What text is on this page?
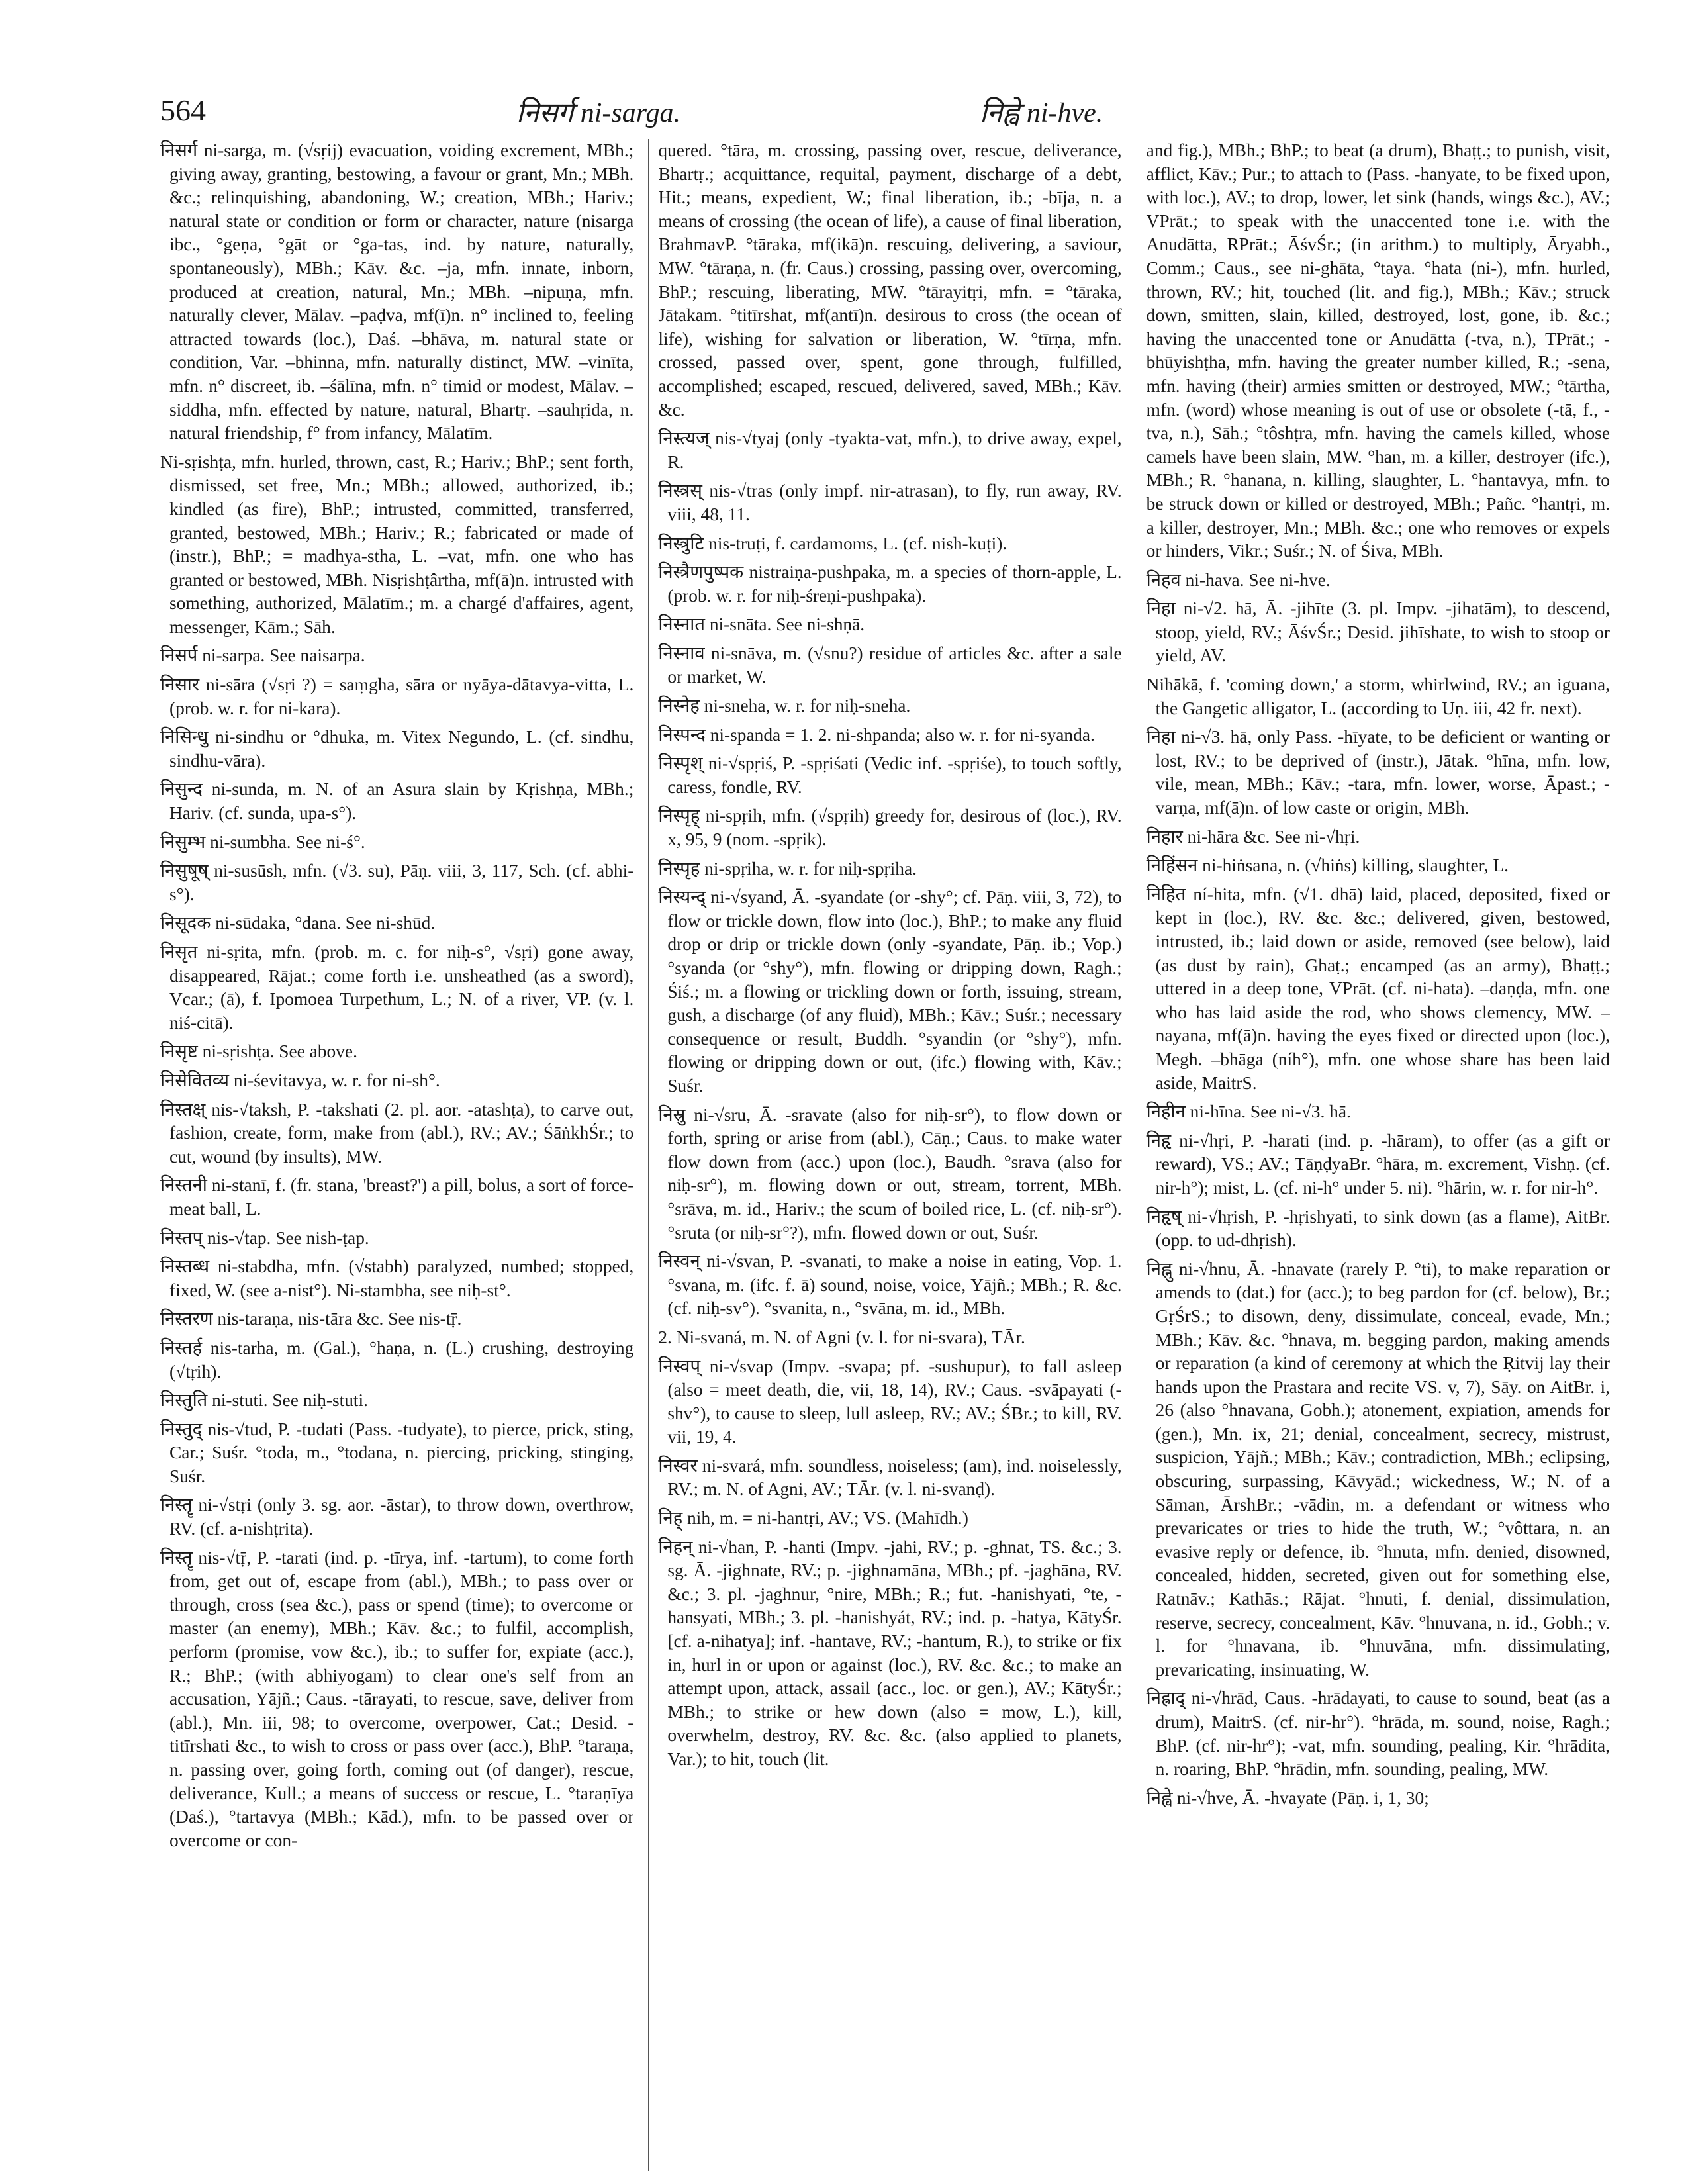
564	निसर्ग ni-sarga.	निह्वे ni-hve.

निसर्ग ni-sarga, m. (√sṛij) evacuation, voiding excrement, MBh.; giving away, granting, bestowing, a favour or grant, Mn.; MBh. &c.; relinquishing, abandoning, W.; creation, MBh.; Hariv.; natural state or condition or form or character, nature (nisarga ibc., °geṇa, °gāt or °ga-tas, ind. by nature, naturally, spontaneously), MBh.; Kāv. &c. –ja, mfn. innate, inborn, produced at creation, natural, Mn.; MBh. –nipuṇa, mfn. naturally clever, Mālav. –paḍva, mf(ī)n. n° inclined to, feeling attracted towards (loc.), Daś. –bhāva, m. natural state or condition, Var. –bhinna, mfn. naturally distinct, MW. –vinīta, mfn. n° discreet, ib. –śālīna, mfn. n° timid or modest, Mālav. –siddha, mfn. effected by nature, natural, Bhartṛ. –sauhṛida, n. natural friendship, f° from infancy, Mālatīm.

Ni-sṛishṭa, mfn. hurled, thrown, cast, R.; Hariv.; BhP.; sent forth, dismissed, set free, Mn.; MBh.; allowed, authorized, ib.; kindled (as fire), BhP.; intrusted, committed, transferred, granted, bestowed, MBh.; Hariv.; R.; fabricated or made of (instr.), BhP.; = madhya-stha, L. –vat, mfn. one who has granted or bestowed, MBh. Nisṛishṭârtha, mf(ā)n. intrusted with something, authorized, Mālatīm.; m. a chargé d'affaires, agent, messenger, Kām.; Sāh.

निसर्प ni-sarpa. See naisarpa.

निसार ni-sāra (√sṛi ?) = saṃgha, sāra or nyāya-dātavya-vitta, L. (prob. w. r. for ni-kara).

निसिन्धु ni-sindhu or °dhuka, m. Vitex Negundo, L. (cf. sindhu, sindhu-vāra).

निसुन्द ni-sunda, m. N. of an Asura slain by Kṛishṇa, MBh.; Hariv. (cf. sunda, upa-s°).

निसुम्भ ni-sumbha. See ni-ś°.

निसुषूष् ni-susūsh, mfn. (√3. su), Pāṇ. viii, 3, 117, Sch. (cf. abhi-s°).

निसूदक ni-sūdaka, °dana. See ni-shūd.

निसृत ni-sṛita, mfn. (prob. m. c. for niḥ-s°, √sṛi) gone away, disappeared, Rājat.; come forth i.e. unsheathed (as a sword), Vcar.; (ā), f. Ipomoea Turpethum, L.; N. of a river, VP. (v. l. niś-citā).

निसृष्ट ni-sṛishṭa. See above.

निसेवितव्य ni-śevitavya, w. r. for ni-sh°.

निस्तक्ष् nis-√taksh, P. -takshati (2. pl. aor. -atashṭa), to carve out, fashion, create, form, make from (abl.), RV.; AV.; ŚāṅkhŚr.; to cut, wound (by insults), MW.

निस्तनी ni-stanī, f. (fr. stana, 'breast?') a pill, bolus, a sort of force-meat ball, L.

निस्तप् nis-√tap. See nish-ṭap.

निस्तब्ध ni-stabdha, mfn. (√stabh) paralyzed, numbed; stopped, fixed, W. (see a-nist°). Ni-stambha, see niḥ-st°.

निस्तरण nis-taraṇa, nis-tāra &c. See nis-tṝ.

निस्तर्ह nis-tarha, m. (Gal.), °haṇa, n. (L.) crushing, destroying (√tṛih).

निस्तुति ni-stuti. See niḥ-stuti.

निस्तुद् nis-√tud, P. -tudati (Pass. -tudyate), to pierce, prick, sting, Car.; Suśr. °toda, m., °todana, n. piercing, pricking, stinging, Suśr.

निस्तॄ ni-√stṛi (only 3. sg. aor. -āstar), to throw down, overthrow, RV. (cf. a-nishṭrita).

निस्तॄ nis-√tṝ, P. -tarati (ind. p. -tīrya, inf. -tartum), to come forth from, get out of, escape from (abl.), MBh.; to pass over or through, cross (sea &c.), pass or spend (time); to overcome or master (an enemy), MBh.; Kāv. &c.; to fulfil, accomplish, perform (promise, vow &c.), ib.; to suffer for, expiate (acc.), R.; BhP.; (with abhiyogam) to clear one's self from an accusation, Yājñ.; Caus. -tārayati, to rescue, save, deliver from (abl.), Mn. iii, 98; to overcome, overpower, Cat.; Desid. -titīrshati &c., to wish to cross or pass over (acc.), BhP. °taraṇa, n. passing over, going forth, coming out (of danger), rescue, deliverance, Kull.; a means of success or rescue, L. °taraṇīya (Daś.), °tartavya (MBh.; Kād.), mfn. to be passed over or overcome or con-

quered. °tāra, m. crossing, passing over, rescue, deliverance, Bhartṛ.; acquittance, requital, payment, discharge of a debt, Hit.; means, expedient, W.; final liberation, ib.; -bīja, n. a means of crossing (the ocean of life), a cause of final liberation, BrahmavP. °tāraka, mf(ikā)n. rescuing, delivering, a saviour, MW. °tāraṇa, n. (fr. Caus.) crossing, passing over, overcoming, BhP.; rescuing, liberating, MW. °tārayitṛi, mfn. = °tāraka, Jātakam. °titīrshat, mf(antī)n. desirous to cross (the ocean of life), wishing for salvation or liberation, W. °tīrṇa, mfn. crossed, passed over, spent, gone through, fulfilled, accomplished; escaped, rescued, delivered, saved, MBh.; Kāv. &c.

निस्त्यज् nis-√tyaj (only -tyakta-vat, mfn.), to drive away, expel, R.

निस्त्रस् nis-√tras (only impf. nir-atrasan), to fly, run away, RV. viii, 48, 11.

निस्त्रुटि nis-truṭi, f. cardamoms, L. (cf. nish-kuṭi).

निस्त्रैणपुष्पक nistraiṇa-pushpaka, m. a species of thorn-apple, L. (prob. w. r. for niḥ-śreṇi-pushpaka).

निस्नात ni-snāta. See ni-shṇā.

निस्नाव ni-snāva, m. (√snu?) residue of articles &c. after a sale or market, W.

निस्नेह ni-sneha, w. r. for niḥ-sneha.

निस्पन्द ni-spanda = 1. 2. ni-shpanda; also w. r. for ni-syanda.

निस्पृश् ni-√spṛiś, P. -spṛiśati (Vedic inf. -spṛiśe), to touch softly, caress, fondle, RV.

निस्पृह् ni-spṛih, mfn. (√spṛih) greedy for, desirous of (loc.), RV. x, 95, 9 (nom. -spṛik).

निस्पृह ni-spṛiha, w. r. for niḥ-spṛiha.

निस्यन्द् ni-√syand, Ā. -syandate (or -shy°; cf. Pāṇ. viii, 3, 72), to flow or trickle down, flow into (loc.), BhP.; to make any fluid drop or drip or trickle down (only -syandate, Pāṇ. ib.; Vop.) °syanda (or °shy°), mfn. flowing or dripping down, Ragh.; Śiś.; m. a flowing or trickling down or forth, issuing, stream, gush, a discharge (of any fluid), MBh.; Kāv.; Suśr.; necessary consequence or result, Buddh. °syandin (or °shy°), mfn. flowing or dripping down or out, (ifc.) flowing with, Kāv.; Suśr.

निस्रु ni-√sru, Ā. -sravate (also for niḥ-sr°), to flow down or forth, spring or arise from (abl.), Cāṇ.; Caus. to make water flow down from (acc.) upon (loc.), Baudh. °srava (also for niḥ-sr°), m. flowing down or out, stream, torrent, MBh. °srāva, m. id., Hariv.; the scum of boiled rice, L. (cf. niḥ-sr°). °sruta (or niḥ-sr°?), mfn. flowed down or out, Suśr.

निस्वन् ni-√svan, P. -svanati, to make a noise in eating, Vop. 1. °svana, m. (ifc. f. ā) sound, noise, voice, Yājñ.; MBh.; R. &c. (cf. niḥ-sv°). °svanita, n., °svāna, m. id., MBh.

2. Ni-svaná, m. N. of Agni (v. l. for ni-svara), TĀr.

निस्वप् ni-√svap (Impv. -svapa; pf. -sushupur), to fall asleep (also = meet death, die, vii, 18, 14), RV.; Caus. -svāpayati (-shv°), to cause to sleep, lull asleep, RV.; AV.; ŚBr.; to kill, RV. vii, 19, 4.

निस्वर ni-svará, mfn. soundless, noiseless; (am), ind. noiselessly, RV.; m. N. of Agni, AV.; TĀr. (v. l. ni-svanḍ).

निह् nih, m. = ni-hantṛi, AV.; VS. (Mahīdh.)

निहन् ni-√han, P. -hanti (Impv. -jahi, RV.; p. -ghnat, TS. &c.; 3. sg. Ā. -jighnate, RV.; p. -jighnamāna, MBh.; pf. -jaghāna, RV. &c.; 3. pl. -jaghnur, °nire, MBh.; R.; fut. -hanishyati, °te, -hansyati, MBh.; 3. pl. -hanishyát, RV.; ind. p. -hatya, KātyŚr. [cf. a-nihatya]; inf. -hantave, RV.; -hantum, R.), to strike or fix in, hurl in or upon or against (loc.), RV. &c. &c.; to make an attempt upon, attack, assail (acc., loc. or gen.), AV.; KātyŚr.; MBh.; to strike or hew down (also = mow, L.), kill, overwhelm, destroy, RV. &c. &c. (also applied to planets, Var.); to hit, touch (lit.

and fig.), MBh.; BhP.; to beat (a drum), Bhaṭṭ.; to punish, visit, afflict, Kāv.; Pur.; to attach to (Pass. -hanyate, to be fixed upon, with loc.), AV.; to drop, lower, let sink (hands, wings &c.), AV.; VPrāt.; to speak with the unaccented tone i.e. with the Anudātta, RPrāt.; ĀśvŚr.; (in arithm.) to multiply, Āryabh., Comm.; Caus., see ni-ghāta, °taya. °hata (ni-), mfn. hurled, thrown, RV.; hit, touched (lit. and fig.), MBh.; Kāv.; struck down, smitten, slain, killed, destroyed, lost, gone, ib. &c.; having the unaccented tone or Anudātta (-tva, n.), TPrāt.; -bhūyishṭha, mfn. having the greater number killed, R.; -sena, mfn. having (their) armies smitten or destroyed, MW.; °tārtha, mfn. (word) whose meaning is out of use or obsolete (-tā, f., -tva, n.), Sāh.; °tôshṭra, mfn. having the camels killed, whose camels have been slain, MW. °han, m. a killer, destroyer (ifc.), MBh.; R. °hanana, n. killing, slaughter, L. °hantavya, mfn. to be struck down or killed or destroyed, MBh.; Pañc. °hantṛi, m. a killer, destroyer, Mn.; MBh. &c.; one who removes or expels or hinders, Vikr.; Suśr.; N. of Śiva, MBh.

निहव ni-hava. See ni-hve.

निहा ni-√2. hā, Ā. -jihīte (3. pl. Impv. -jihatām), to descend, stoop, yield, RV.; ĀśvŚr.; Desid. jihīshate, to wish to stoop or yield, AV.

Nihākā, f. 'coming down,' a storm, whirlwind, RV.; an iguana, the Gangetic alligator, L. (according to Uṇ. iii, 42 fr. next).

निहा ni-√3. hā, only Pass. -hīyate, to be deficient or wanting or lost, RV.; to be deprived of (instr.), Jātak. °hīna, mfn. low, vile, mean, MBh.; Kāv.; -tara, mfn. lower, worse, Āpast.; -varṇa, mf(ā)n. of low caste or origin, MBh.

निहार ni-hāra &c. See ni-√hṛi.

निहिंसन ni-hiṅsana, n. (√hiṅs) killing, slaughter, L.

निहित ní-hita, mfn. (√1. dhā) laid, placed, deposited, fixed or kept in (loc.), RV. &c. &c.; delivered, given, bestowed, intrusted, ib.; laid down or aside, removed (see below), laid (as dust by rain), Ghaṭ.; encamped (as an army), Bhaṭṭ.; uttered in a deep tone, VPrāt. (cf. ni-hata). –daṇḍa, mfn. one who has laid aside the rod, who shows clemency, MW. –nayana, mf(ā)n. having the eyes fixed or directed upon (loc.), Megh. –bhāga (níh°), mfn. one whose share has been laid aside, MaitrS.

निहीन ni-hīna. See ni-√3. hā.

निहृ ni-√hṛi, P. -harati (ind. p. -hāram), to offer (as a gift or reward), VS.; AV.; TāṇḍyaBr. °hāra, m. excrement, Vishṇ. (cf. nir-h°); mist, L. (cf. ni-h° under 5. ni). °hārin, w. r. for nir-h°.

निहृष् ni-√hṛish, P. -hṛishyati, to sink down (as a flame), AitBr. (opp. to ud-dhṛish).

निह्नु ni-√hnu, Ā. -hnavate (rarely P. °ti), to make reparation or amends to (dat.) for (acc.); to beg pardon for (cf. below), Br.; GṛŚrS.; to disown, deny, dissimulate, conceal, evade, Mn.; MBh.; Kāv. &c. °hnava, m. begging pardon, making amends or reparation (a kind of ceremony at which the Ṛitvij lay their hands upon the Prastara and recite VS. v, 7), Sāy. on AitBr. i, 26 (also °hnavana, Gobh.); atonement, expiation, amends for (gen.), Mn. ix, 21; denial, concealment, secrecy, mistrust, suspicion, Yājñ.; MBh.; Kāv.; contradiction, MBh.; eclipsing, obscuring, surpassing, Kāvyād.; wickedness, W.; N. of a Sāman, ĀrshBr.; -vādin, m. a defendant or witness who prevaricates or tries to hide the truth, W.; °vôttara, n. an evasive reply or defence, ib. °hnuta, mfn. denied, disowned, concealed, hidden, secreted, given out for something else, Ratnāv.; Kathās.; Rājat. °hnuti, f. denial, dissimulation, reserve, secrecy, concealment, Kāv. °hnuvana, n. id., Gobh.; v. l. for °hnavana, ib. °hnuvāna, mfn. dissimulating, prevaricating, insinuating, W.

निह्राद् ni-√hrād, Caus. -hrādayati, to cause to sound, beat (as a drum), MaitrS. (cf. nir-hr°). °hrāda, m. sound, noise, Ragh.; BhP. (cf. nir-hr°); -vat, mfn. sounding, pealing, Kir. °hrādita, n. roaring, BhP. °hrādin, mfn. sounding, pealing, MW.

निह्वे ni-√hve, Ā. -hvayate (Pāṇ. i, 1, 30;
